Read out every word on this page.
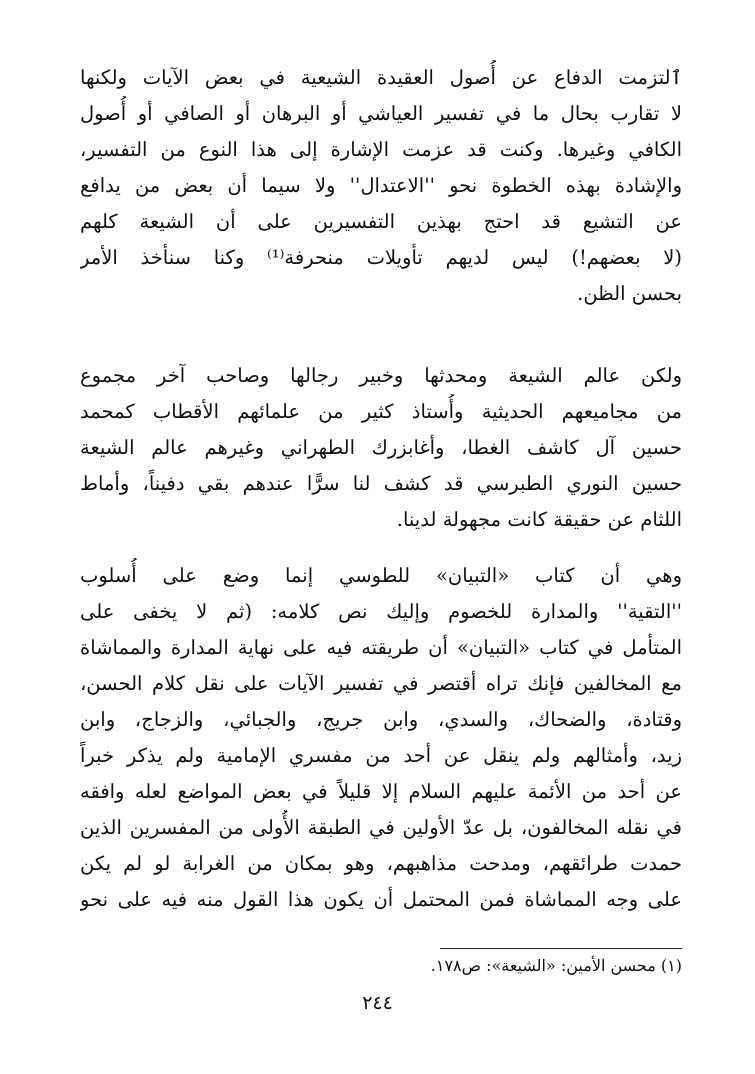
ٱلتزمت الدفاع عن أُصول العقيدة الشيعية في بعض الآيات ولكنها
لا تقارب بحال ما في تفسير العياشي أو البرهان أو الصافي أو أُصول
الكافي وغيرها. وكنت قد عزمت الإشارة إلى هذا النوع من التفسير،
والإشادة بهذه الخطوة نحو ''الاعتدال'' ولا سيما أن بعض من يدافع
عن التشيع قد احتج بهذين التفسيرين على أن الشيعة كلهم
(لا بعضهم!) ليس لديهم تأويلات منحرفة⁽¹⁾ وكنا سنأخذ الأمر
بحسن الظن.
ولكن عالم الشيعة ومحدثها وخبير رجالها وصاحب آخر مجموع
من مجاميعهم الحديثية وأُستاذ كثير من علمائهم الأقطاب كمحمد
حسين آل كاشف الغطا، وأغابزرك الطهراني وغيرهم عالم الشيعة
حسين النوري الطبرسي قد كشف لنا سرًّا عندهم بقي دفيناً، وأماط
اللثام عن حقيقة كانت مجهولة لدينا.
وهي أن كتاب «التبيان» للطوسي إنما وضع على أُسلوب
''التقية'' والمدارة للخصوم وإليك نص كلامه: (ثم لا يخفى على
المتأمل في كتاب «التبيان» أن طريقته فيه على نهاية المدارة والمماشاة
مع المخالفين فإنك تراه أقتصر في تفسير الآيات على نقل كلام الحسن،
وقتادة، والضحاك، والسدي، وابن جريج، والجبائي، والزجاج، وابن
زيد، وأمثالهم ولم ينقل عن أحد من مفسري الإمامية ولم يذكر خبراً
عن أحد من الأئمة عليهم السلام إلا قليلاً في بعض المواضع لعله وافقه
في نقله المخالفون، بل عدّ الأولين في الطبقة الأُولى من المفسرين الذين
حمدت طرائقهم، ومدحت مذاهبهم، وهو بمكان من الغرابة لو لم يكن
على وجه المماشاة فمن المحتمل أن يكون هذا القول منه فيه على نحو
(١) محسن الأمين: «الشيعة»: ص١٧٨.
٢٤٤
